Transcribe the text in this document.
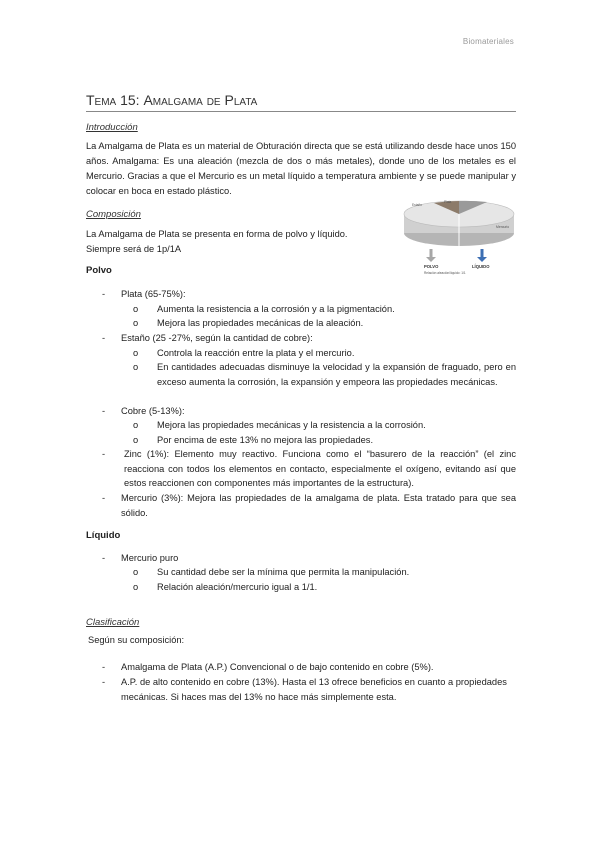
Biomateriales
Tema 15: Amalgama de Plata
Introducción
La Amalgama de Plata es un material de Obturación directa que se está utilizando desde hace unos 150 años. Amalgama: Es una aleación (mezcla de dos o más metales), donde uno de los metales es el Mercurio. Gracias a que el Mercurio es un metal líquido a temperatura ambiente y se puede manipular y colocar en boca en estado plástico.
Composición
La Amalgama de Plata se presenta en forma de polvo y líquido.
Siempre será de 1p/1A
Estaño
Plata
Mercurio
POLVO	LÍQUIDO
Relación aleación/líquido: 1/1
Polvo
- Plata (65-75%):
o Aumenta la resistencia a la corrosión y a la pigmentación.
o Mejora las propiedades mecánicas de la aleación.
- Estaño (25 -27%, según la cantidad de cobre):
o Controla la reacción entre la plata y el mercurio.
o En cantidades adecuadas disminuye la velocidad y la expansión de fraguado, pero en exceso aumenta la corrosión, la expansión y empeora las propiedades mecánicas.
- Cobre (5-13%):
o Mejora las propiedades mecánicas y la resistencia a la corrosión.
o Por encima de este 13% no mejora las propiedades.
- Zinc (1%): Elemento muy reactivo. Funciona como el “basurero de la reacción” (el zinc reacciona con todos los elementos en contacto, especialmente el oxígeno, evitando así que estos reaccionen con componentes más importantes de la estructura).
- Mercurio (3%): Mejora las propiedades de la amalgama de plata. Esta tratado para que sea sólido.
Líquido
- Mercurio puro
o Su cantidad debe ser la mínima que permita la manipulación.
o Relación aleación/mercurio igual a 1/1.
Clasificación
Según su composición:
- Amalgama de Plata (A.P.) Convencional o de bajo contenido en cobre (5%).
- A.P. de alto contenido en cobre (13%). Hasta el 13 ofrece beneficios en cuanto a propiedades mecánicas. Si haces mas del 13% no hace más simplemente esta.
